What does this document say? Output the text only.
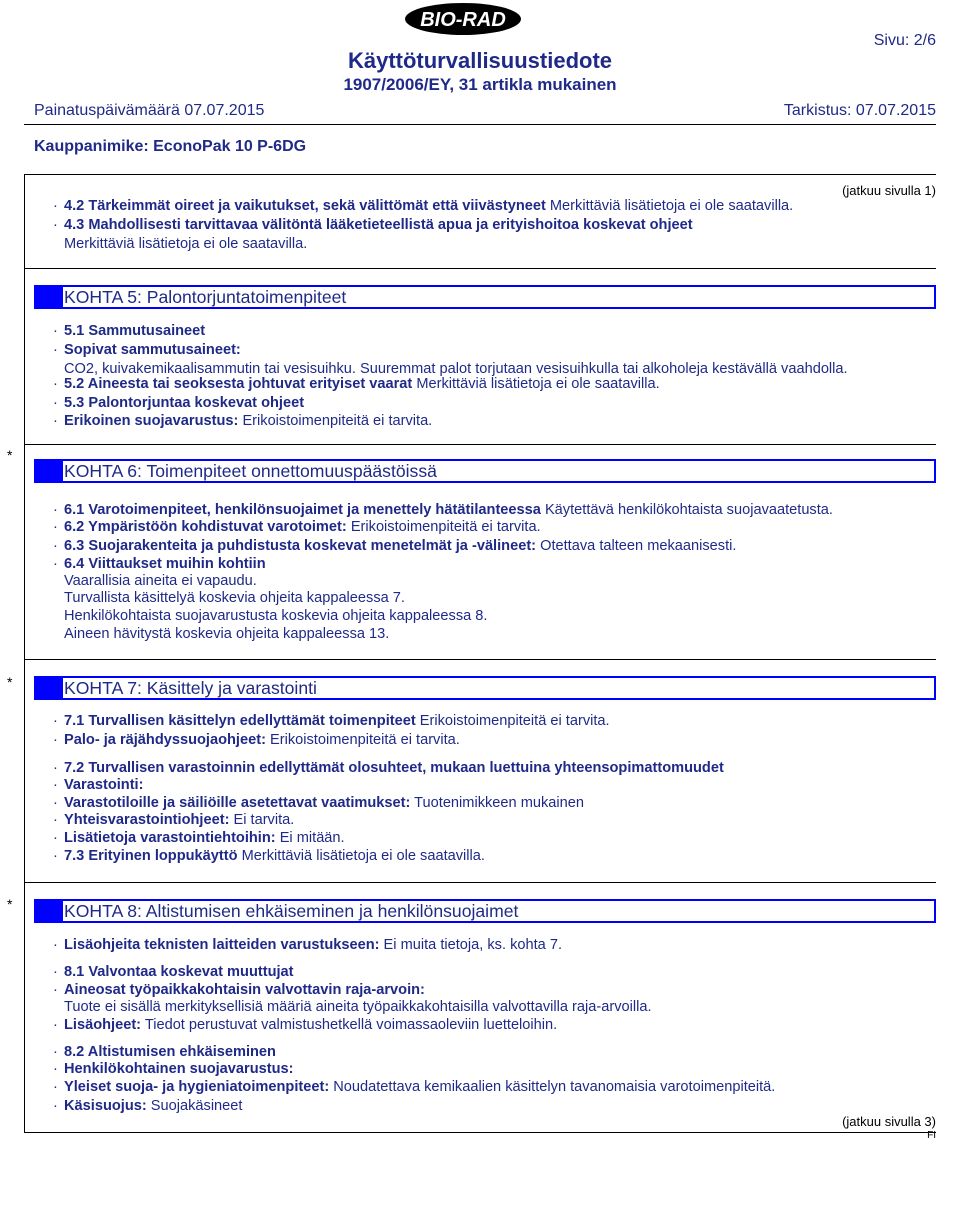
BIO-RAD
Käyttöturvallisuustiedote
1907/2006/EY, 31 artikla mukainen
Sivu: 2/6
Painatuspäivämäärä 07.07.2015	Tarkistus: 07.07.2015
Kauppanimike: EconoPak 10 P-6DG
(jatkuu sivulla 1)
· 4.2 Tärkeimmät oireet ja vaikutukset, sekä välittömät että viivästyneet Merkittäviä lisätietoja ei ole saatavilla.
· 4.3 Mahdollisesti tarvittavaa välitöntä lääketieteellistä apua ja erityishoitoa koskevat ohjeet
Merkittäviä lisätietoja ei ole saatavilla.
KOHTA 5: Palontorjuntatoimenpiteet
· 5.1 Sammutusaineet
· Sopivat sammutusaineet:
CO2, kuivakemikaalisammutin tai vesisuihku. Suuremmat palot torjutaan vesisuihkulla tai alkoholeja kestävällä vaahdolla.
· 5.2 Aineesta tai seoksesta johtuvat erityiset vaarat Merkittäviä lisätietoja ei ole saatavilla.
· 5.3 Palontorjuntaa koskevat ohjeet
· Erikoinen suojavarustus: Erikoistoimenpiteitä ei tarvita.
*
KOHTA 6: Toimenpiteet onnettomuuspäästöissä
· 6.1 Varotoimenpiteet, henkilönsuojaimet ja menettely hätätilanteessa Käytettävä henkilökohtaista suojavaatetusta.
· 6.2 Ympäristöön kohdistuvat varotoimet: Erikoistoimenpiteitä ei tarvita.
· 6.3 Suojarakenteita ja puhdistusta koskevat menetelmät ja -välineet: Otettava talteen mekaanisesti.
· 6.4 Viittaukset muihin kohtiin
Vaarallisia aineita ei vapaudu.
Turvallista käsittelyä koskevia ohjeita kappaleessa 7.
Henkilökohtaista suojavarustusta koskevia ohjeita kappaleessa 8.
Aineen hävitystä koskevia ohjeita kappaleessa 13.
*	KOHTA 7: Käsittely ja varastointi
· 7.1 Turvallisen käsittelyn edellyttämät toimenpiteet Erikoistoimenpiteitä ei tarvita.
· Palo- ja räjähdyssuojaohjeet: Erikoistoimenpiteitä ei tarvita.
· 7.2 Turvallisen varastoinnin edellyttämät olosuhteet, mukaan luettuina yhteensopimattomuudet
· Varastointi:
· Varastotiloille ja säiliöille asetettavat vaatimukset: Tuotenimikkeen mukainen
· Yhteisvarastointiohjeet: Ei tarvita.
· Lisätietoja varastointiehtoihin: Ei mitään.
· 7.3 Erityinen loppukäyttö Merkittäviä lisätietoja ei ole saatavilla.
*	KOHTA 8: Altistumisen ehkäiseminen ja henkilönsuojaimet
· Lisäohjeita teknisten laitteiden varustukseen: Ei muita tietoja, ks. kohta 7.
· 8.1 Valvontaa koskevat muuttujat
· Aineosat työpaikkakohtaisin valvottavin raja-arvoin:
Tuote ei sisällä merkityksellisiä määriä aineita työpaikkakohtaisilla valvottavilla raja-arvoilla.
· Lisäohjeet: Tiedot perustuvat valmistushetkellä voimassaoleviin luetteloihin.
· 8.2 Altistumisen ehkäiseminen
· Henkilökohtainen suojavarustus:
· Yleiset suoja- ja hygieniatoimenpiteet: Noudatettava kemikaalien käsittelyn tavanomaisia varotoimenpiteitä.
· Käsisuojus: Suojakäsineet
(jatkuu sivulla 3)
FI
